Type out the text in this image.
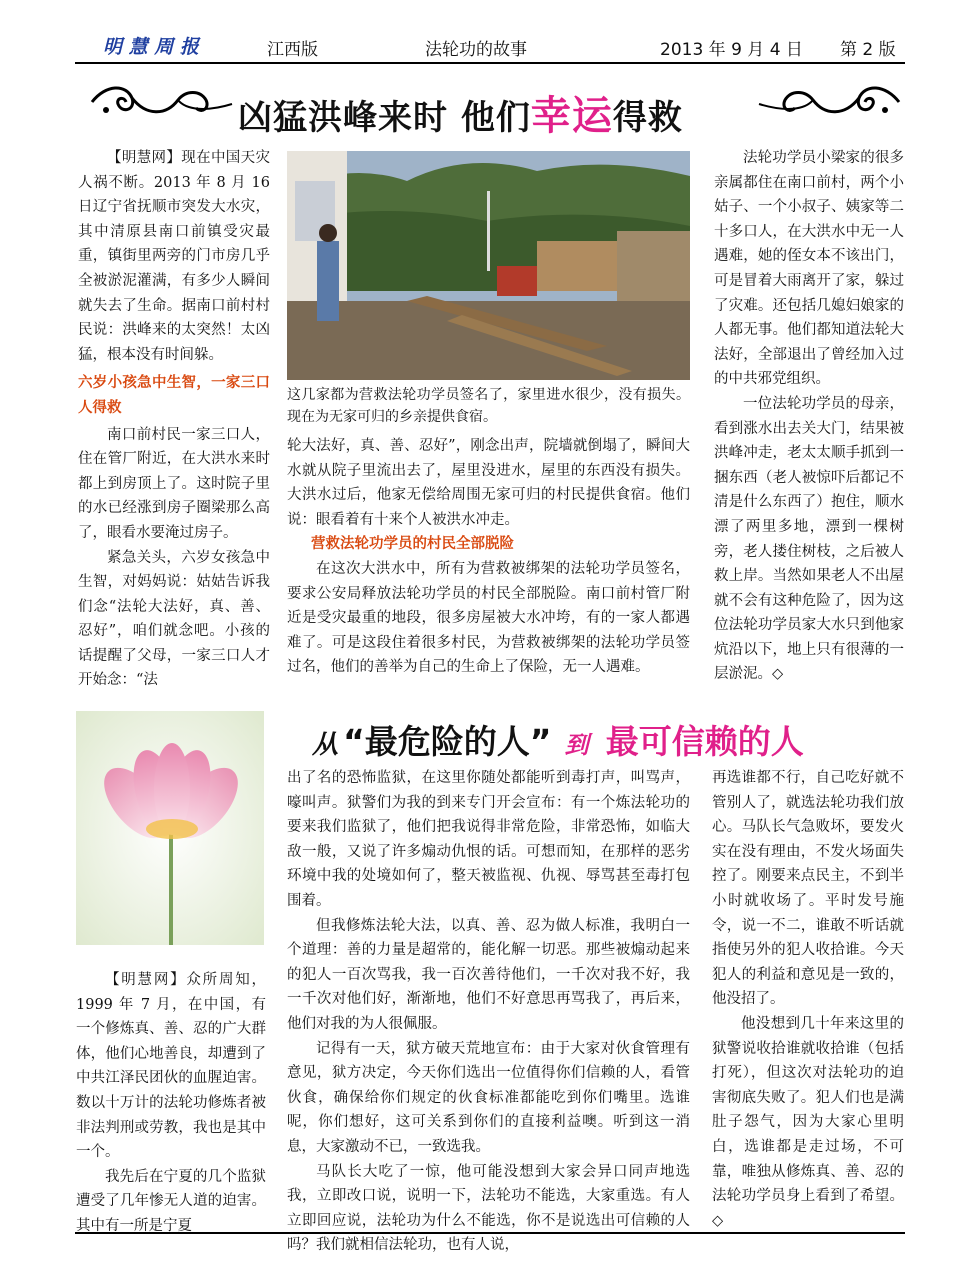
明 慧 周 报	江西版	法轮功的故事	2013 年 9 月 4 日 第 2 版
凶猛洪峰来时 他们幸运得救

【明慧网】现在中国天灾人祸不断。2013 年 8 月 16 日辽宁省抚顺市突发大水灾，其中清原县南口前镇受灾最重，镇街里两旁的门市房几乎全被淤泥灌满，有多少人瞬间就失去了生命。据南口前村村民说：洪峰来的太突然！太凶猛，根本没有时间躲。

六岁小孩急中生智，一家三口人得救

南口前村民一家三口人，住在管厂附近，在大洪水来时都上到房顶上了。这时院子里的水已经涨到房子圈梁那么高了，眼看水要淹过房子。

紧急关头，六岁女孩急中生智，对妈妈说：姑姑告诉我们念“法轮大法好，真、善、忍好”，咱们就念吧。小孩的话提醒了父母，一家三口人才开始念：“法

这几家都为营救法轮功学员签名了，家里进水很少，没有损失。现在为无家可归的乡亲提供食宿。

轮大法好，真、善、忍好”，刚念出声，院墙就倒塌了，瞬间大水就从院子里流出去了，屋里没进水，屋里的东西没有损失。大洪水过后，他家无偿给周围无家可归的村民提供食宿。他们说：眼看着有十来个人被洪水冲走。

营救法轮功学员的村民全部脱险

在这次大洪水中，所有为营救被绑架的法轮功学员签名，要求公安局释放法轮功学员的村民全部脱险。南口前村管厂附近是受灾最重的地段，很多房屋被大水冲垮，有的一家人都遇难了。可是这段住着很多村民，为营救被绑架的法轮功学员签过名，他们的善举为自己的生命上了保险，无一人遇难。

法轮功学员小梁家的很多亲属都住在南口前村，两个小姑子、一个小叔子、姨家等二十多口人，在大洪水中无一人遇难，她的侄女本不该出门，可是冒着大雨离开了家，躲过了灾难。还包括几媳妇娘家的人都无事。他们都知道法轮大法好，全部退出了曾经加入过的中共邪党组织。

一位法轮功学员的母亲，看到涨水出去关大门，结果被洪峰冲走，老太太顺手抓到一捆东西（老人被惊吓后都记不清是什么东西了）抱住，顺水漂了两里多地，漂到一棵树旁，老人搂住树枝，之后被人救上岸。当然如果老人不出屋就不会有这种危险了，因为这位法轮功学员家大水只到他家炕沿以下，地上只有很薄的一层淤泥。◇

从 “最危险的人” 到 最可信赖的人

【明慧网】众所周知，1999 年 7 月，在中国，有一个修炼真、善、忍的广大群体，他们心地善良，却遭到了中共江泽民团伙的血腥迫害。数以十万计的法轮功修炼者被非法判刑或劳教，我也是其中一个。

我先后在宁夏的几个监狱遭受了几年惨无人道的迫害。其中有一所是宁夏

出了名的恐怖监狱，在这里你随处都能听到毒打声，叫骂声，嚎叫声。狱警们为我的到来专门开会宣布：有一个炼法轮功的要来我们监狱了，他们把我说得非常危险，非常恐怖，如临大敌一般，又说了许多煽动仇恨的话。可想而知，在那样的恶劣环境中我的处境如何了，整天被监视、仇视、辱骂甚至毒打包围着。

但我修炼法轮大法，以真、善、忍为做人标准，我明白一个道理：善的力量是超常的，能化解一切恶。那些被煽动起来的犯人一百次骂我，我一百次善待他们，一千次对我不好，我一千次对他们好，渐渐地，他们不好意思再骂我了，再后来，他们对我的为人很佩服。

记得有一天，狱方破天荒地宣布：由于大家对伙食管理有意见，狱方决定，今天你们选出一位值得你们信赖的人，看管伙食，确保给你们规定的伙食标准都能吃到你们嘴里。选谁呢，你们想好，这可关系到你们的直接利益噢。听到这一消息，大家激动不已，一致选我。

马队长大吃了一惊，他可能没想到大家会异口同声地选我，立即改口说，说明一下，法轮功不能选，大家重选。有人立即回应说，法轮功为什么不能选，你不是说选出可信赖的人吗？我们就相信法轮功，也有人说，

再选谁都不行，自己吃好就不管别人了，就选法轮功我们放心。马队长气急败坏，要发火实在没有理由，不发火场面失控了。刚要来点民主，不到半小时就收场了。平时发号施令，说一不二，谁敢不听话就指使另外的犯人收拾谁。今天犯人的利益和意见是一致的，他没招了。

他没想到几十年来这里的狱警说收拾谁就收拾谁（包括打死），但这次对法轮功的迫害彻底失败了。犯人们也是满肚子怨气，因为大家心里明白，选谁都是走过场，不可靠，唯独从修炼真、善、忍的法轮功学员身上看到了希望。◇
